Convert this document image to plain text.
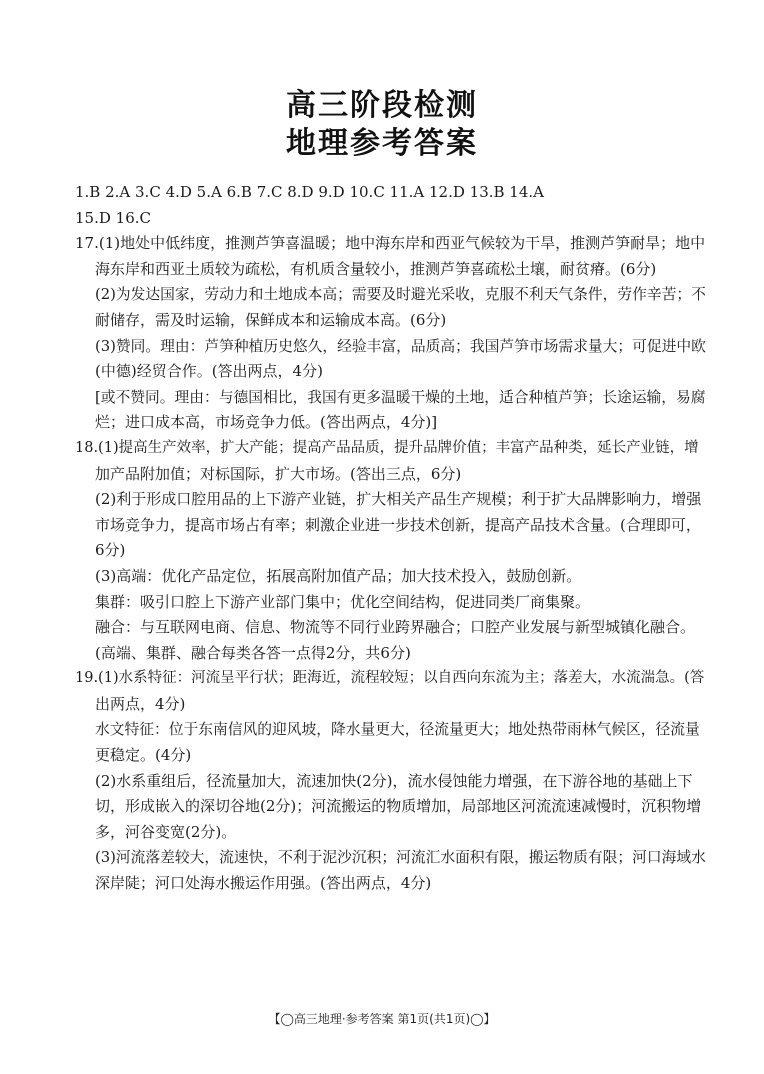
高三阶段检测
地理参考答案
1.B 2.A 3.C 4.D 5.A 6.B 7.C 8.D 9.D 10.C 11.A 12.D 13.B 14.A
15.D 16.C
17.(1)地处中低纬度，推测芦笋喜温暖；地中海东岸和西亚气候较为干旱，推测芦笋耐旱；地中
海东岸和西亚土质较为疏松，有机质含量较小，推测芦笋喜疏松土壤，耐贫瘠。(6分)
(2)为发达国家，劳动力和土地成本高；需要及时避光采收，克服不利天气条件，劳作辛苦；不
耐储存，需及时运输，保鲜成本和运输成本高。(6分)
(3)赞同。理由：芦笋种植历史悠久，经验丰富，品质高；我国芦笋市场需求量大；可促进中欧
(中德)经贸合作。(答出两点，4分)
[或不赞同。理由：与德国相比，我国有更多温暖干燥的土地，适合种植芦笋；长途运输，易腐
烂；进口成本高，市场竞争力低。(答出两点，4分)]
18.(1)提高生产效率，扩大产能；提高产品品质，提升品牌价值；丰富产品种类，延长产业链，增
加产品附加值；对标国际，扩大市场。(答出三点，6分)
(2)利于形成口腔用品的上下游产业链，扩大相关产品生产规模；利于扩大品牌影响力，增强
市场竞争力，提高市场占有率；刺激企业进一步技术创新，提高产品技术含量。(合理即可，
6分)
(3)高端：优化产品定位，拓展高附加值产品；加大技术投入，鼓励创新。
集群：吸引口腔上下游产业部门集中；优化空间结构，促进同类厂商集聚。
融合：与互联网电商、信息、物流等不同行业跨界融合；口腔产业发展与新型城镇化融合。
(高端、集群、融合每类各答一点得2分，共6分)
19.(1)水系特征：河流呈平行状；距海近，流程较短；以自西向东流为主；落差大，水流湍急。(答
出两点，4分)
水文特征：位于东南信风的迎风坡，降水量更大，径流量更大；地处热带雨林气候区，径流量
更稳定。(4分)
(2)水系重组后，径流量加大，流速加快(2分)，流水侵蚀能力增强，在下游谷地的基础上下
切，形成嵌入的深切谷地(2分)；河流搬运的物质增加，局部地区河流流速减慢时，沉积物增
多，河谷变宽(2分)。
(3)河流落差较大，流速快，不利于泥沙沉积；河流汇水面积有限，搬运物质有限；河口海域水
深岸陡；河口处海水搬运作用强。(答出两点，4分)
【◯高三地理·参考答案 第1页(共1页)◯】
